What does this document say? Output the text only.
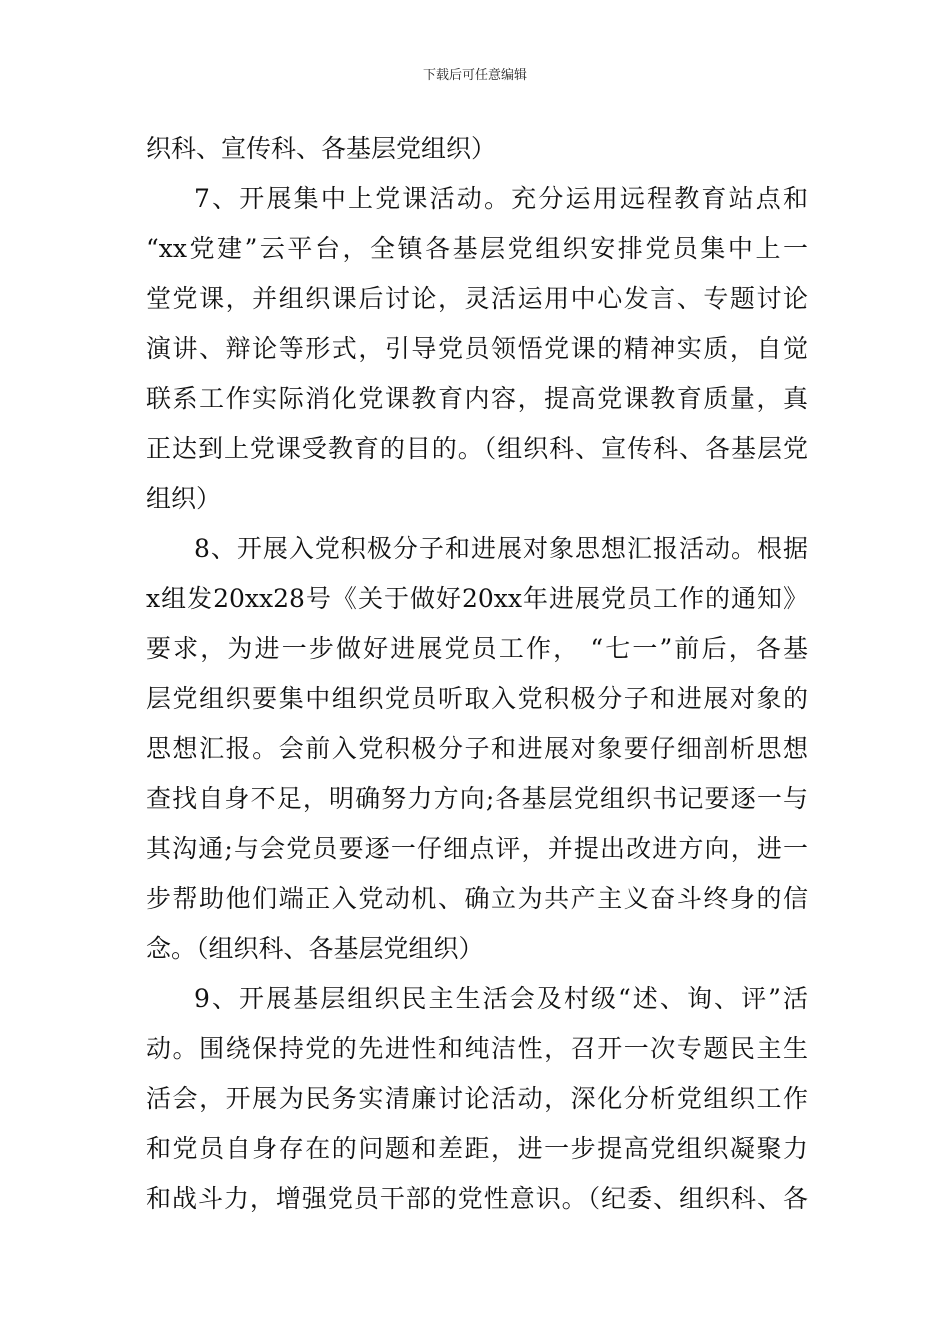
下载后可任意编辑
织科、宣传科、各基层党组织）
7、开展集中上党课活动。充分运用远程教育站点和
“xx党建”云平台，全镇各基层党组织安排党员集中上一
堂党课，并组织课后讨论，灵活运用中心发言、专题讨论
演讲、辩论等形式，引导党员领悟党课的精神实质，自觉
联系工作实际消化党课教育内容，提高党课教育质量，真
正达到上党课受教育的目的。（组织科、宣传科、各基层党
组织）
8、开展入党积极分子和进展对象思想汇报活动。根据
x组发20xx28号《关于做好20xx年进展党员工作的通知》
要求，为进一步做好进展党员工作， “七一”前后，各基
层党组织要集中组织党员听取入党积极分子和进展对象的
思想汇报。会前入党积极分子和进展对象要仔细剖析思想
查找自身不足，明确努力方向;各基层党组织书记要逐一与
其沟通;与会党员要逐一仔细点评，并提出改进方向，进一
步帮助他们端正入党动机、确立为共产主义奋斗终身的信
念。（组织科、各基层党组织）
9、开展基层组织民主生活会及村级“述、询、评”活
动。围绕保持党的先进性和纯洁性，召开一次专题民主生
活会，开展为民务实清廉讨论活动，深化分析党组织工作
和党员自身存在的问题和差距，进一步提高党组织凝聚力
和战斗力，增强党员干部的党性意识。（纪委、组织科、各
